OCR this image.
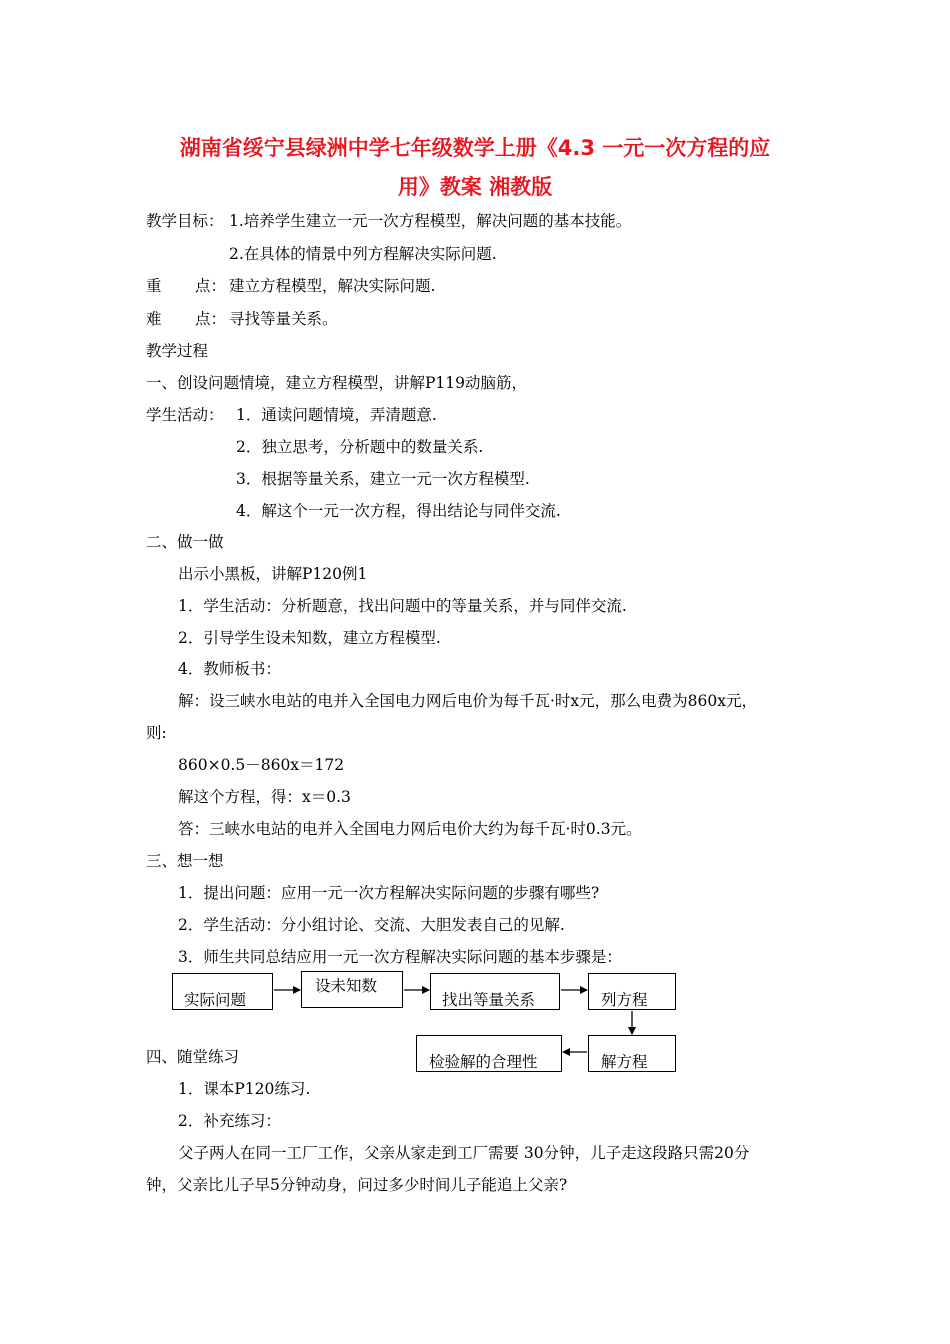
湖南省绥宁县绿洲中学七年级数学上册《4.3 一元一次方程的应
用》教案 湘教版
教学目标： 1.培养学生建立一元一次方程模型，解决问题的基本技能。
2.在具体的情景中列方程解决实际问题.
重 点： 建立方程模型，解决实际问题.
难 点： 寻找等量关系。
教学过程
一、创设问题情境，建立方程模型，讲解P119动脑筋，
学生活动： 1．通读问题情境，弄清题意.
2．独立思考，分析题中的数量关系.
3．根据等量关系，建立一元一次方程模型.
4．解这个一元一次方程，得出结论与同伴交流.
二、做一做
出示小黑板，讲解P120例1
1．学生活动：分析题意，找出问题中的等量关系，并与同伴交流.
2．引导学生设未知数，建立方程模型.
4．教师板书：
解：设三峡水电站的电并入全国电力网后电价为每千瓦·时x元，那么电费为860x元，
则:
860×0.5－860x＝172
解这个方程，得：x＝0.3
答：三峡水电站的电并入全国电力网后电价大约为每千瓦·时0.3元。
三、想一想
1．提出问题：应用一元一次方程解决实际问题的步骤有哪些?
2．学生活动：分小组讨论、交流、大胆发表自己的见解.
3．师生共同总结应用一元一次方程解决实际问题的基本步骤是：
实际问题
设未知数
找出等量关系	列方程
解方程
检验解的合理性
四、随堂练习
1．课本P120练习.
2．补充练习：
父子两人在同一工厂工作，父亲从家走到工厂需要 30分钟，儿子走这段路只需20分
钟，父亲比儿子早5分钟动身，问过多少时间儿子能追上父亲?
